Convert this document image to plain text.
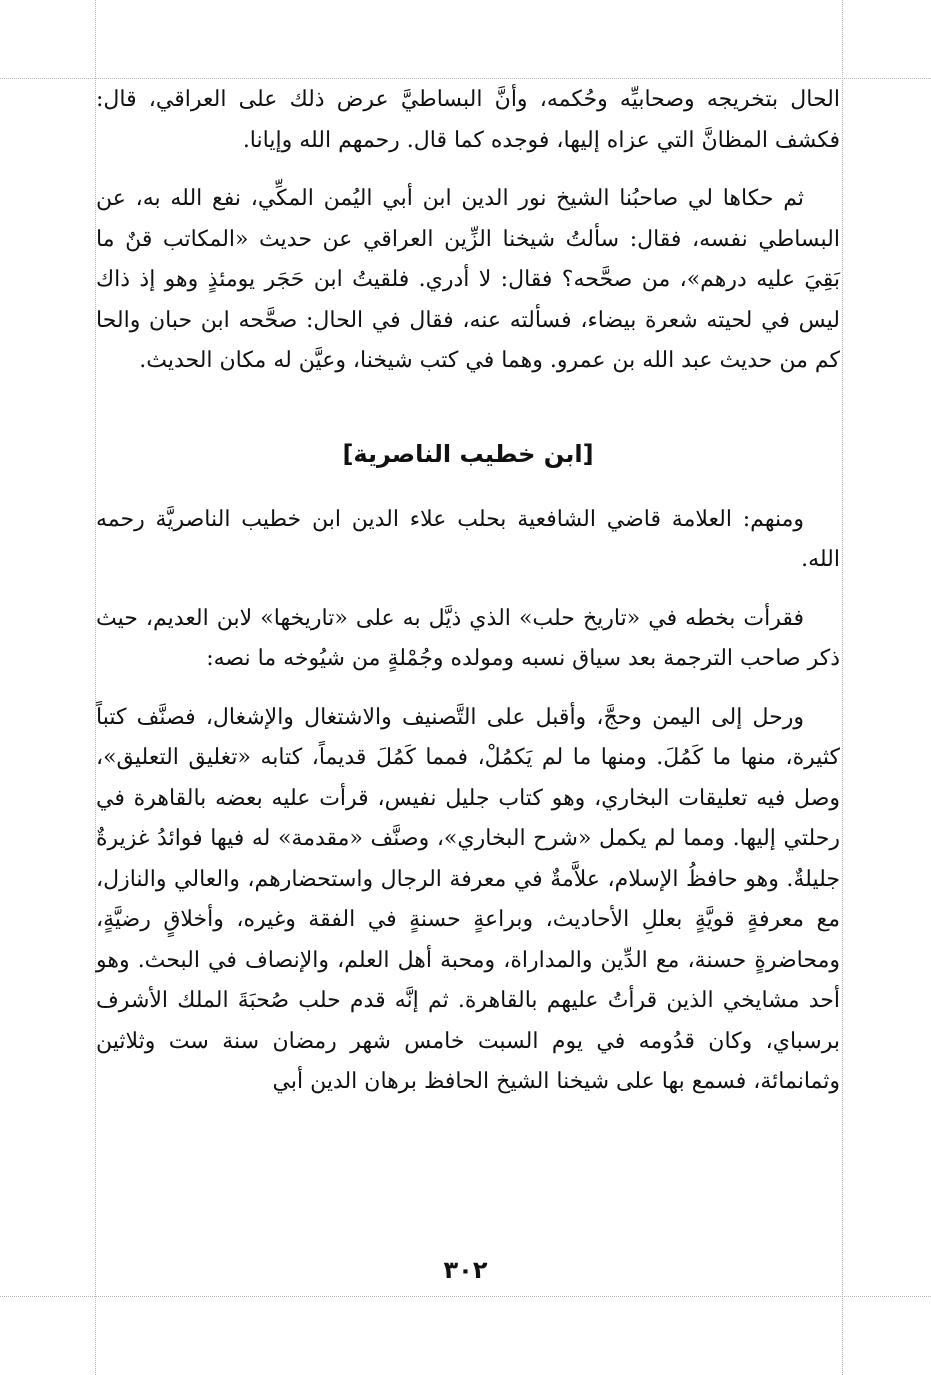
الحال بتخريجه وصحابيِّه وحُكمه، وأنَّ البساطيَّ عرض ذلك على العراقي، قال: فكشف المظانَّ التي عزاه إليها، فوجده كما قال. رحمهم الله وإيانا.

ثم حكاها لي صاحبُنا الشيخ نور الدين ابن أبي اليُمن المكِّي، نفع الله به، عن البساطي نفسه، فقال: سألتُ شيخنا الزِّين العراقي عن حديث «المكاتب قنٌ ما بَقِيَ عليه درهم»، من صحَّحه؟ فقال: لا أدري. فلقيتُ ابن حَجَر يومئذٍ وهو إذ ذاك ليس في لحيته شعرة بيضاء، فسألته عنه، فقال في الحال: صحَّحه ابن حبان والحا كم من حديث عبد الله بن عمرو. وهما في كتب شيخنا، وعيَّن له مكان الحديث.

[ابن خطيب الناصرية]

ومنهم: العلامة قاضي الشافعية بحلب علاء الدين ابن خطيب الناصريَّة رحمه الله.

فقرأت بخطه في «تاريخ حلب» الذي ذيَّل به على «تاريخها» لابن العديم، حيث ذكر صاحب الترجمة بعد سياق نسبه ومولده وجُمْلةٍ من شيُوخه ما نصه:

ورحل إلى اليمن وحجَّ، وأقبل على التَّصنيف والاشتغال والإشغال، فصنَّف كتباً كثيرة، منها ما كَمُلَ. ومنها ما لم يَكمُلْ، فمما كَمُلَ قديماً، كتابه «تغليق التعليق»، وصل فيه تعليقات البخاري، وهو كتاب جليل نفيس، قرأت عليه بعضه بالقاهرة في رحلتي إليها. ومما لم يكمل «شرح البخاري»، وصنَّف «مقدمة» له فيها فوائدُ غزيرةٌ جليلةٌ. وهو حافظُ الإسلام، علاَّمةٌ في معرفة الرجال واستحضارهم، والعالي والنازل، مع معرفةٍ قويَّةٍ بعللِ الأحاديث، وبراعةٍ حسنةٍ في الفقة وغيره، وأخلاقٍ رضيَّةٍ، ومحاضرةٍ حسنة، مع الدِّين والمداراة، ومحبة أهل العلم، والإنصاف في البحث. وهو أحد مشايخي الذين قرأتُ عليهم بالقاهرة. ثم إنَّه قدم حلب صُحبَةَ الملك الأشرف برسباي، وكان قدُومه في يوم السبت خامس شهر رمضان سنة ست وثلاثين وثمانمائة، فسمع بها على شيخنا الشيخ الحافظ برهان الدين أبي

٣٠٢
